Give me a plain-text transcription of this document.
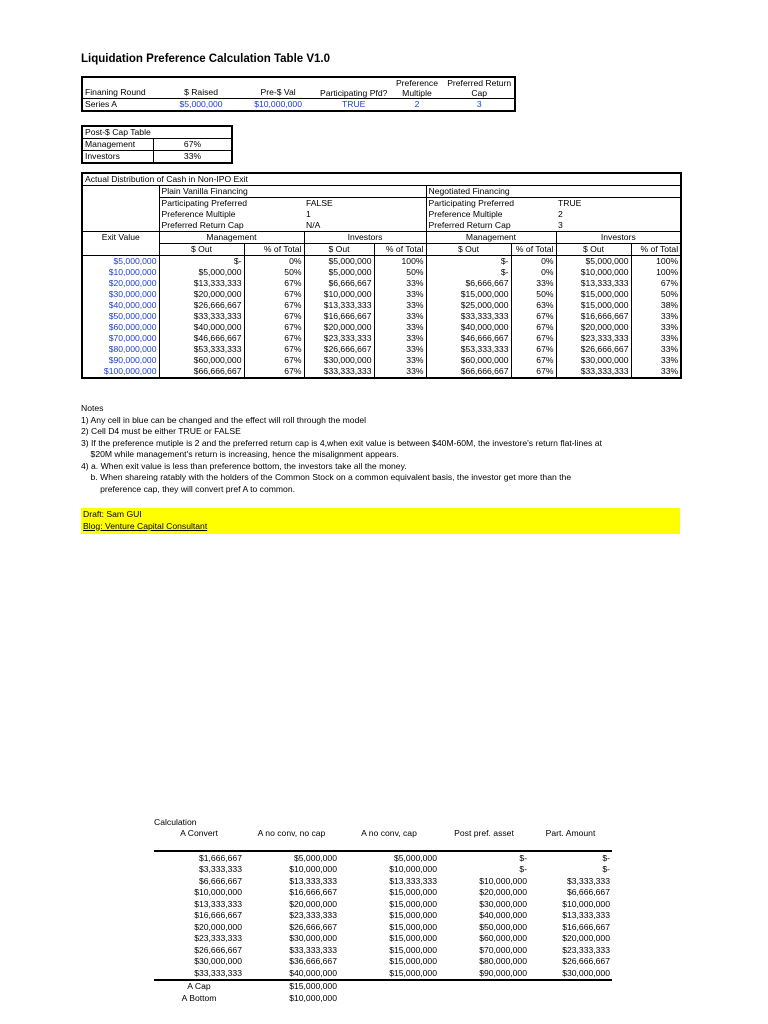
Liquidation Preference Calculation Table V1.0
Finaning Round	$ Raised	Pre-$ Val	Participating Pfd?	Preference Multiple	Preferred Return Cap
Series A	$5,000,000	$10,000,000	TRUE	2	3
Post-$ Cap Table	
Management	67%
Investors	33%
Actual Distribution of Cash in Non-IPO Exit								
	Plain Vanilla Financing				Negotiated Financing			
	Participating Preferred		FALSE		Participating Preferred		TRUE	
	Preference Multiple		1		Preference Multiple		2	
	Preferred Return Cap		N/A		Preferred Return Cap		3	
Exit Value	Management		Investors		Management		Investors	
	$ Out	% of Total	$ Out	% of Total	$ Out	% of Total	$ Out	% of Total
$5,000,000	$-	0%	$5,000,000	100%	$-	0%	$5,000,000	100%
$10,000,000	$5,000,000	50%	$5,000,000	50%	$-	0%	$10,000,000	100%
$20,000,000	$13,333,333	67%	$6,666,667	33%	$6,666,667	33%	$13,333,333	67%
$30,000,000	$20,000,000	67%	$10,000,000	33%	$15,000,000	50%	$15,000,000	50%
$40,000,000	$26,666,667	67%	$13,333,333	33%	$25,000,000	63%	$15,000,000	38%
$50,000,000	$33,333,333	67%	$16,666,667	33%	$33,333,333	67%	$16,666,667	33%
$60,000,000	$40,000,000	67%	$20,000,000	33%	$40,000,000	67%	$20,000,000	33%
$70,000,000	$46,666,667	67%	$23,333,333	33%	$46,666,667	67%	$23,333,333	33%
$80,000,000	$53,333,333	67%	$26,666,667	33%	$53,333,333	67%	$26,666,667	33%
$90,000,000	$60,000,000	67%	$30,000,000	33%	$60,000,000	67%	$30,000,000	33%
$100,000,000	$66,666,667	67%	$33,333,333	33%	$66,666,667	67%	$33,333,333	33%
Notes
1) Any cell in blue can be changed and the effect will roll through the model
2) Cell D4 must be either TRUE or FALSE
3) If the preference mutiple is 2 and the preferred return cap is 4,when exit value is between $40M-60M, the investore's return flat-lines at
$20M while management's return is increasing, hence the misalignment appears.
4) a. When exit value is less than preference bottom, the investors take all the money.
b. When shareing ratably with the holders of the Common Stock on a common equivalent basis, the investor get more than the
preference cap, they will convert pref A to common.
Draft: Sam GUI
Blog: Venture Capital Consultant
Calculation
A Convert	A no conv, no cap	A no conv, cap	Post pref. asset	Part. Amount
$1,666,667	$5,000,000	$5,000,000	$-	$-
$3,333,333	$10,000,000	$10,000,000	$-	$-
$6,666,667	$13,333,333	$13,333,333	$10,000,000	$3,333,333
$10,000,000	$16,666,667	$15,000,000	$20,000,000	$6,666,667
$13,333,333	$20,000,000	$15,000,000	$30,000,000	$10,000,000
$16,666,667	$23,333,333	$15,000,000	$40,000,000	$13,333,333
$20,000,000	$26,666,667	$15,000,000	$50,000,000	$16,666,667
$23,333,333	$30,000,000	$15,000,000	$60,000,000	$20,000,000
$26,666,667	$33,333,333	$15,000,000	$70,000,000	$23,333,333
$30,000,000	$36,666,667	$15,000,000	$80,000,000	$26,666,667
$33,333,333	$40,000,000	$15,000,000	$90,000,000	$30,000,000
A Cap	$15,000,000			
A Bottom	$10,000,000			
